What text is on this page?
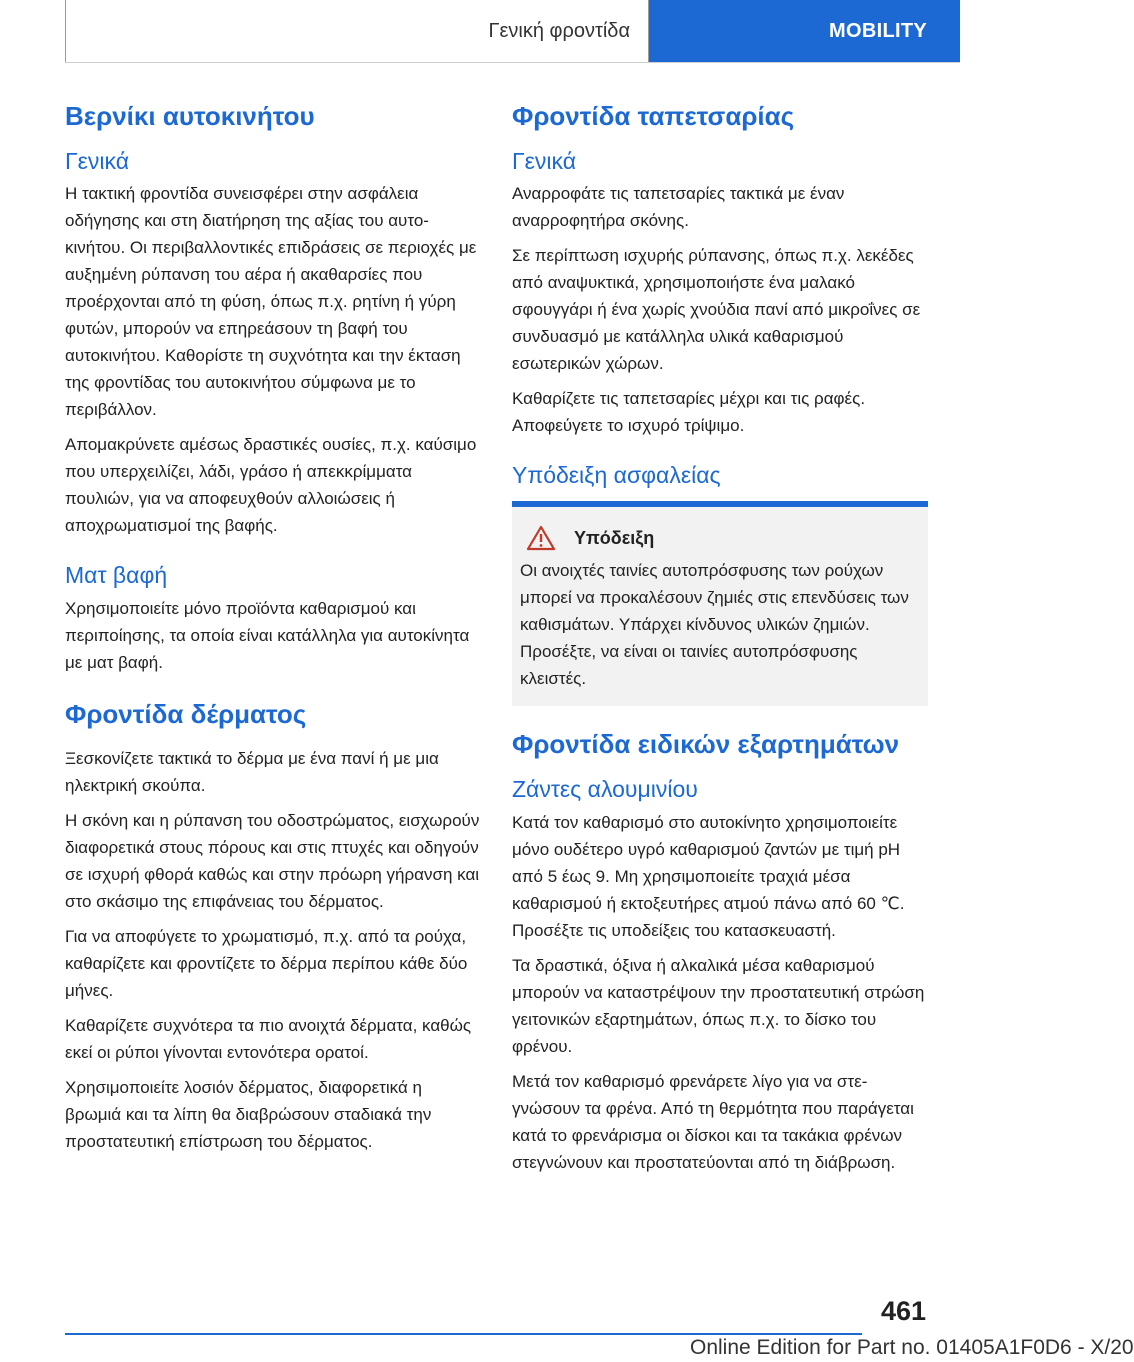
Γενική φροντίδα	MOBILITY
Βερνίκι αυτοκινήτου
Γενικά

Η τακτική φροντίδα συνεισφέρει στην ασφάλεια οδήγησης και στη διατήρηση της αξίας του αυτοκινήτου. Οι περιβαλλοντικές επιδράσεις σε περιοχές με αυξημένη ρύπανση του αέρα ή ακαθαρσίες που προέρχονται από τη φύση, όπως π.χ. ρητίνη ή γύρη φυτών, μπορούν να επηρεάσουν τη βαφή του αυτοκινήτου. Καθορίστε τη συχνότητα και την έκταση της φροντίδας του αυτοκινήτου σύμφωνα με το περιβάλλον.

Απομακρύνετε αμέσως δραστικές ουσίες, π.χ. καύσιμο που υπερχειλίζει, λάδι, γράσο ή απεκκρίμματα πουλιών, για να αποφευχθούν αλλοιώσεις ή αποχρωματισμοί της βαφής.

Ματ βαφή

Χρησιμοποιείτε μόνο προϊόντα καθαρισμού και περιποίησης, τα οποία είναι κατάλληλα για αυτοκίνητα με ματ βαφή.

Φροντίδα δέρματος

Ξεσκονίζετε τακτικά το δέρμα με ένα πανί ή με μια ηλεκτρική σκούπα.

Η σκόνη και η ρύπανση του οδοστρώματος, εισχωρούν διαφορετικά στους πόρους και στις πτυχές και οδηγούν σε ισχυρή φθορά καθώς και στην πρόωρη γήρανση και στο σκάσιμο της επιφάνειας του δέρματος.

Για να αποφύγετε το χρωματισμό, π.χ. από τα ρούχα, καθαρίζετε και φροντίζετε το δέρμα περίπου κάθε δύο μήνες.

Καθαρίζετε συχνότερα τα πιο ανοιχτά δέρματα, καθώς εκεί οι ρύποι γίνονται εντονότερα ορατοί.

Χρησιμοποιείτε λοσιόν δέρματος, διαφορετικά η βρωμιά και τα λίπη θα διαβρώσουν σταδιακά την προστατευτική επίστρωση του δέρματος.

Φροντίδα ταπετσαρίας
Γενικά

Αναρροφάτε τις ταπετσαρίες τακτικά με έναν αναρροφητήρα σκόνης.

Σε περίπτωση ισχυρής ρύπανσης, όπως π.χ. λεκέδες από αναψυκτικά, χρησιμοποιήστε ένα μαλακό σφουγγάρι ή ένα χωρίς χνούδια πανί από μικροΐνες σε συνδυασμό με κατάλληλα υλικά καθαρισμού εσωτερικών χώρων.

Καθαρίζετε τις ταπετσαρίες μέχρι και τις ραφές. Αποφεύγετε το ισχυρό τρίψιμο.

Υπόδειξη ασφαλείας
Υπόδειξη

Οι ανοιχτές ταινίες αυτοπρόσφυσης των ρούχων μπορεί να προκαλέσουν ζημιές στις επενδύσεις των καθισμάτων. Υπάρχει κίνδυνος υλικών ζημιών. Προσέξτε, να είναι οι ταινίες αυτοπρόσφυσης κλειστές.

Φροντίδα ειδικών εξαρτημάτων
Ζάντες αλουμινίου

Κατά τον καθαρισμό στο αυτοκίνητο χρησιμοποιείτε μόνο ουδέτερο υγρό καθαρισμού ζαντών με τιμή pH από 5 έως 9. Μη χρησιμοποιείτε τραχιά μέσα καθαρισμού ή εκτοξευτήρες ατμού πάνω από 60 ℃. Προσέξτε τις υποδείξεις του κατασκευαστή.

Τα δραστικά, όξινα ή αλκαλικά μέσα καθαρισμού μπορούν να καταστρέψουν την προστατευτική στρώση γειτονικών εξαρτημάτων, όπως π.χ. το δίσκο του φρένου.

Μετά τον καθαρισμό φρενάρετε λίγο για να στεγνώσουν τα φρένα. Από τη θερμότητα που παράγεται κατά το φρενάρισμα οι δίσκοι και τα τακάκια φρένων στεγνώνουν και προστατεύονται από τη διάβρωση.

461
Online Edition for Part no. 01405A1F0D6 - X/20
